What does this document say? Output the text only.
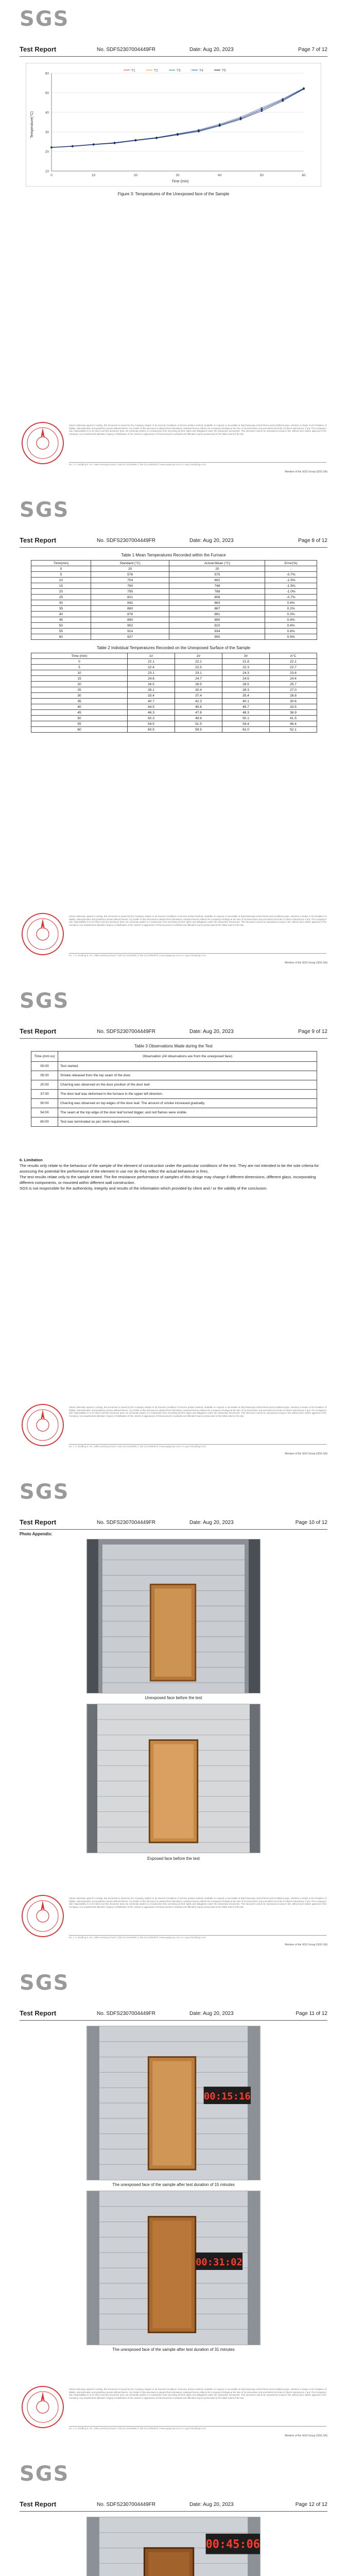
SGS
Test Report	No. SDFS2307004449FR	Date: Aug 20, 2023	Page 7 of 12
10
20
30
40
50
60
0	10	20	30	40	50	60
T1	T2	T3	T4	T5
Temperature(°C)
Time (min)
Figure 3: Temperatures of the Unexposed face of the Sample
Unless otherwise agreed in writing, this document is issued by the Company subject to its General Conditions of Service printed overleaf, available on request or accessible at http://www.sgs.com/en/Terms-and-Conditions.aspx. Attention is drawn to the limitation of liability, indemnification and jurisdiction issues defined therein. Any holder of this document is advised that information contained hereon reflects the Company's findings at the time of its intervention only and within the limits of Client's instructions, if any. The Company's sole responsibility is to its Client and this document does not exonerate parties to a transaction from exercising all their rights and obligations under the transaction documents. This document cannot be reproduced except in full, without prior written approval of the Company. Any unauthorized alteration, forgery or falsification of the content or appearance of this document is unlawful and offenders may be prosecuted to the fullest extent of the law.
No. 1-1, Building 8, No. 1588 Lianhang Road | t (86-21) 61402666 | f (86-21) 64953679 | www.sgsgroup.com.cn | sgs.china@sgs.com
Member of the SGS Group (SGS SA)
SGS
Test Report	No. SDFS2307004449FR	Date: Aug 20, 2023	Page 8 of 12
Table 1 Mean Temperatures Recorded within the Furnace
Time(min)	Standard (°C)	Actual Mean (°C)	Error(%)
0	20	20	-
5	576	575	-0.7%
10	704	692	-1.5%
15	760	748	-1.5%
20	795	788	-1.0%
25	821	808	-0.7%
30	842	863	0.4%
35	860	867	0.2%
40	876	881	0.3%
45	890	890	0.4%
50	902	910	0.4%
55	914	934	0.8%
60	927	950	0.9%
Table 2 Individual Temperatures Recorded on the Unexposed Surface of the Sample
Time (min)	1#	2#	3#	A°C
0	22.1	22.1	21.8	22.1
5	22.4	22.5	22.3	22.7
10	23.1	23.1	24.3	23.6
15	24.6	24.7	24.5	24.4
20	26.5	26.5	26.5	25.7
25	28.1	30.4	28.3	27.0
30	33.4	37.4	35.4	28.8
35	40.7	42.3	40.1	30.6
40	44.5	45.6	45.7	33.5
45	46.3	47.8	48.3	36.9
50	50.3	49.6	50.1	41.5
55	54.5	51.5	54.4	46.4
60	60.5	59.5	61.0	52.1
Unless otherwise agreed in writing, this document is issued by the Company subject to its General Conditions of Service printed overleaf, available on request or accessible at http://www.sgs.com/en/Terms-and-Conditions.aspx. Attention is drawn to the limitation of liability, indemnification and jurisdiction issues defined therein. Any holder of this document is advised that information contained hereon reflects the Company's findings at the time of its intervention only and within the limits of Client's instructions, if any. The Company's sole responsibility is to its Client and this document does not exonerate parties to a transaction from exercising all their rights and obligations under the transaction documents. This document cannot be reproduced except in full, without prior written approval of the Company. Any unauthorized alteration, forgery or falsification of the content or appearance of this document is unlawful and offenders may be prosecuted to the fullest extent of the law.
No. 1-1, Building 8, No. 1588 Lianhang Road | t (86-21) 61402666 | f (86-21) 64953679 | www.sgsgroup.com.cn | sgs.china@sgs.com
Member of the SGS Group (SGS SA)
SGS
Test Report	No. SDFS2307004449FR	Date: Aug 20, 2023	Page 9 of 12
Table 3 Observations Made during the Test
Time (mm:ss)	Observation (All observations are from the unexposed face)
00:00	Test started.
05:00	Smoke released from the top seam of the door.
20:00	Charring was observed on the door position of the door leaf.
37:00	The door leaf was deformed in the furnace in the upper left direction.
50:00	Charring was observed on top edges of the door leaf. The amount of smoke increased gradually.
54:00	The seam at the top edge of the door leaf turned bigger, and red flames were visible.
60:00	Test was terminated as per client requirement.
6. Limitation

The results only relate to the behaviour of the sample of the element of construction under the particular conditions of the test. They are not intended to be the sole criteria for assessing the potential fire performance of the element in use nor do they reflect the actual behaviour in fires.

The test results relate only to the sample tested. The fire resistance performance of samples of this design may change if different dimensions, different glass, incorporating different components, or mounted within different wall construction.

SGS is not responsible for the authenticity, integrity and results of the information which provided by client and / or the validity of the conclusion.

Unless otherwise agreed in writing, this document is issued by the Company subject to its General Conditions of Service printed overleaf, available on request or accessible at http://www.sgs.com/en/Terms-and-Conditions.aspx. Attention is drawn to the limitation of liability, indemnification and jurisdiction issues defined therein. Any holder of this document is advised that information contained hereon reflects the Company's findings at the time of its intervention only and within the limits of Client's instructions, if any. The Company's sole responsibility is to its Client and this document does not exonerate parties to a transaction from exercising all their rights and obligations under the transaction documents. This document cannot be reproduced except in full, without prior written approval of the Company. Any unauthorized alteration, forgery or falsification of the content or appearance of this document is unlawful and offenders may be prosecuted to the fullest extent of the law.
No. 1-1, Building 8, No. 1588 Lianhang Road | t (86-21) 61402666 | f (86-21) 64953679 | www.sgsgroup.com.cn | sgs.china@sgs.com
Member of the SGS Group (SGS SA)
SGS
Test Report	No. SDFS2307004449FR	Date: Aug 20, 2023	Page 10 of 12
Photo Appendix:
Unexposed face before the test
Exposed face before the test
Unless otherwise agreed in writing, this document is issued by the Company subject to its General Conditions of Service printed overleaf, available on request or accessible at http://www.sgs.com/en/Terms-and-Conditions.aspx. Attention is drawn to the limitation of liability, indemnification and jurisdiction issues defined therein. Any holder of this document is advised that information contained hereon reflects the Company's findings at the time of its intervention only and within the limits of Client's instructions, if any. The Company's sole responsibility is to its Client and this document does not exonerate parties to a transaction from exercising all their rights and obligations under the transaction documents. This document cannot be reproduced except in full, without prior written approval of the Company. Any unauthorized alteration, forgery or falsification of the content or appearance of this document is unlawful and offenders may be prosecuted to the fullest extent of the law.
No. 1-1, Building 8, No. 1588 Lianhang Road | t (86-21) 61402666 | f (86-21) 64953679 | www.sgsgroup.com.cn | sgs.china@sgs.com
Member of the SGS Group (SGS SA)
SGS
Test Report	No. SDFS2307004449FR	Date: Aug 20, 2023	Page 11 of 12
00:15:16
The unexposed face of the sample after test duration of 15 minutes
00:31:02
The unexposed face of the sample after test duration of 31 minutes
Unless otherwise agreed in writing, this document is issued by the Company subject to its General Conditions of Service printed overleaf, available on request or accessible at http://www.sgs.com/en/Terms-and-Conditions.aspx. Attention is drawn to the limitation of liability, indemnification and jurisdiction issues defined therein. Any holder of this document is advised that information contained hereon reflects the Company's findings at the time of its intervention only and within the limits of Client's instructions, if any. The Company's sole responsibility is to its Client and this document does not exonerate parties to a transaction from exercising all their rights and obligations under the transaction documents. This document cannot be reproduced except in full, without prior written approval of the Company. Any unauthorized alteration, forgery or falsification of the content or appearance of this document is unlawful and offenders may be prosecuted to the fullest extent of the law.
No. 1-1, Building 8, No. 1588 Lianhang Road | t (86-21) 61402666 | f (86-21) 64953679 | www.sgsgroup.com.cn | sgs.china@sgs.com
Member of the SGS Group (SGS SA)
SGS
Test Report	No. SDFS2307004449FR	Date: Aug 20, 2023	Page 12 of 12
00:45:06
